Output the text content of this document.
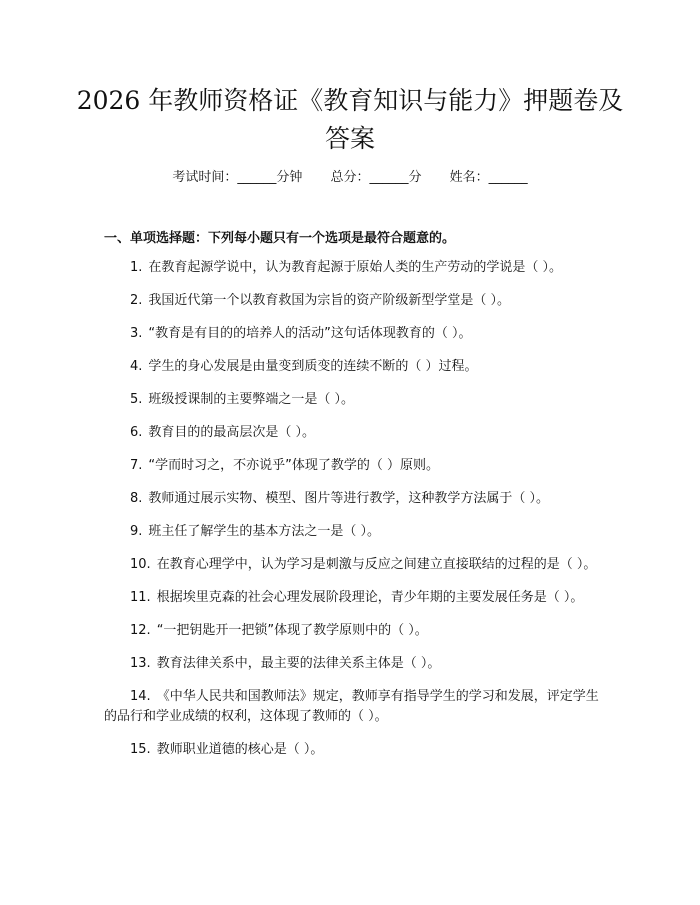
2026 年教师资格证《教育知识与能力》押题卷及答案
考试时间：______分钟 总分：______分 姓名：______
一、单项选择题：下列每小题只有一个选项是最符合题意的。

1. 在教育起源学说中，认为教育起源于原始人类的生产劳动的学说是（ ）。

2. 我国近代第一个以教育救国为宗旨的资产阶级新型学堂是（ ）。

3. “教育是有目的的培养人的活动”这句话体现教育的（ ）。

4. 学生的身心发展是由量变到质变的连续不断的（ ）过程。

5. 班级授课制的主要弊端之一是（ ）。

6. 教育目的的最高层次是（ ）。

7. “学而时习之，不亦说乎”体现了教学的（ ）原则。

8. 教师通过展示实物、模型、图片等进行教学，这种教学方法属于（ ）。

9. 班主任了解学生的基本方法之一是（ ）。

10. 在教育心理学中，认为学习是刺激与反应之间建立直接联结的过程的是（ ）。

11. 根据埃里克森的社会心理发展阶段理论，青少年期的主要发展任务是（ ）。

12. “一把钥匙开一把锁”体现了教学原则中的（ ）。

13. 教育法律关系中，最主要的法律关系主体是（ ）。

14. 《中华人民共和国教师法》规定，教师享有指导学生的学习和发展，评定学生的品行和学业成绩的权利，这体现了教师的（ ）。

15. 教师职业道德的核心是（ ）。
